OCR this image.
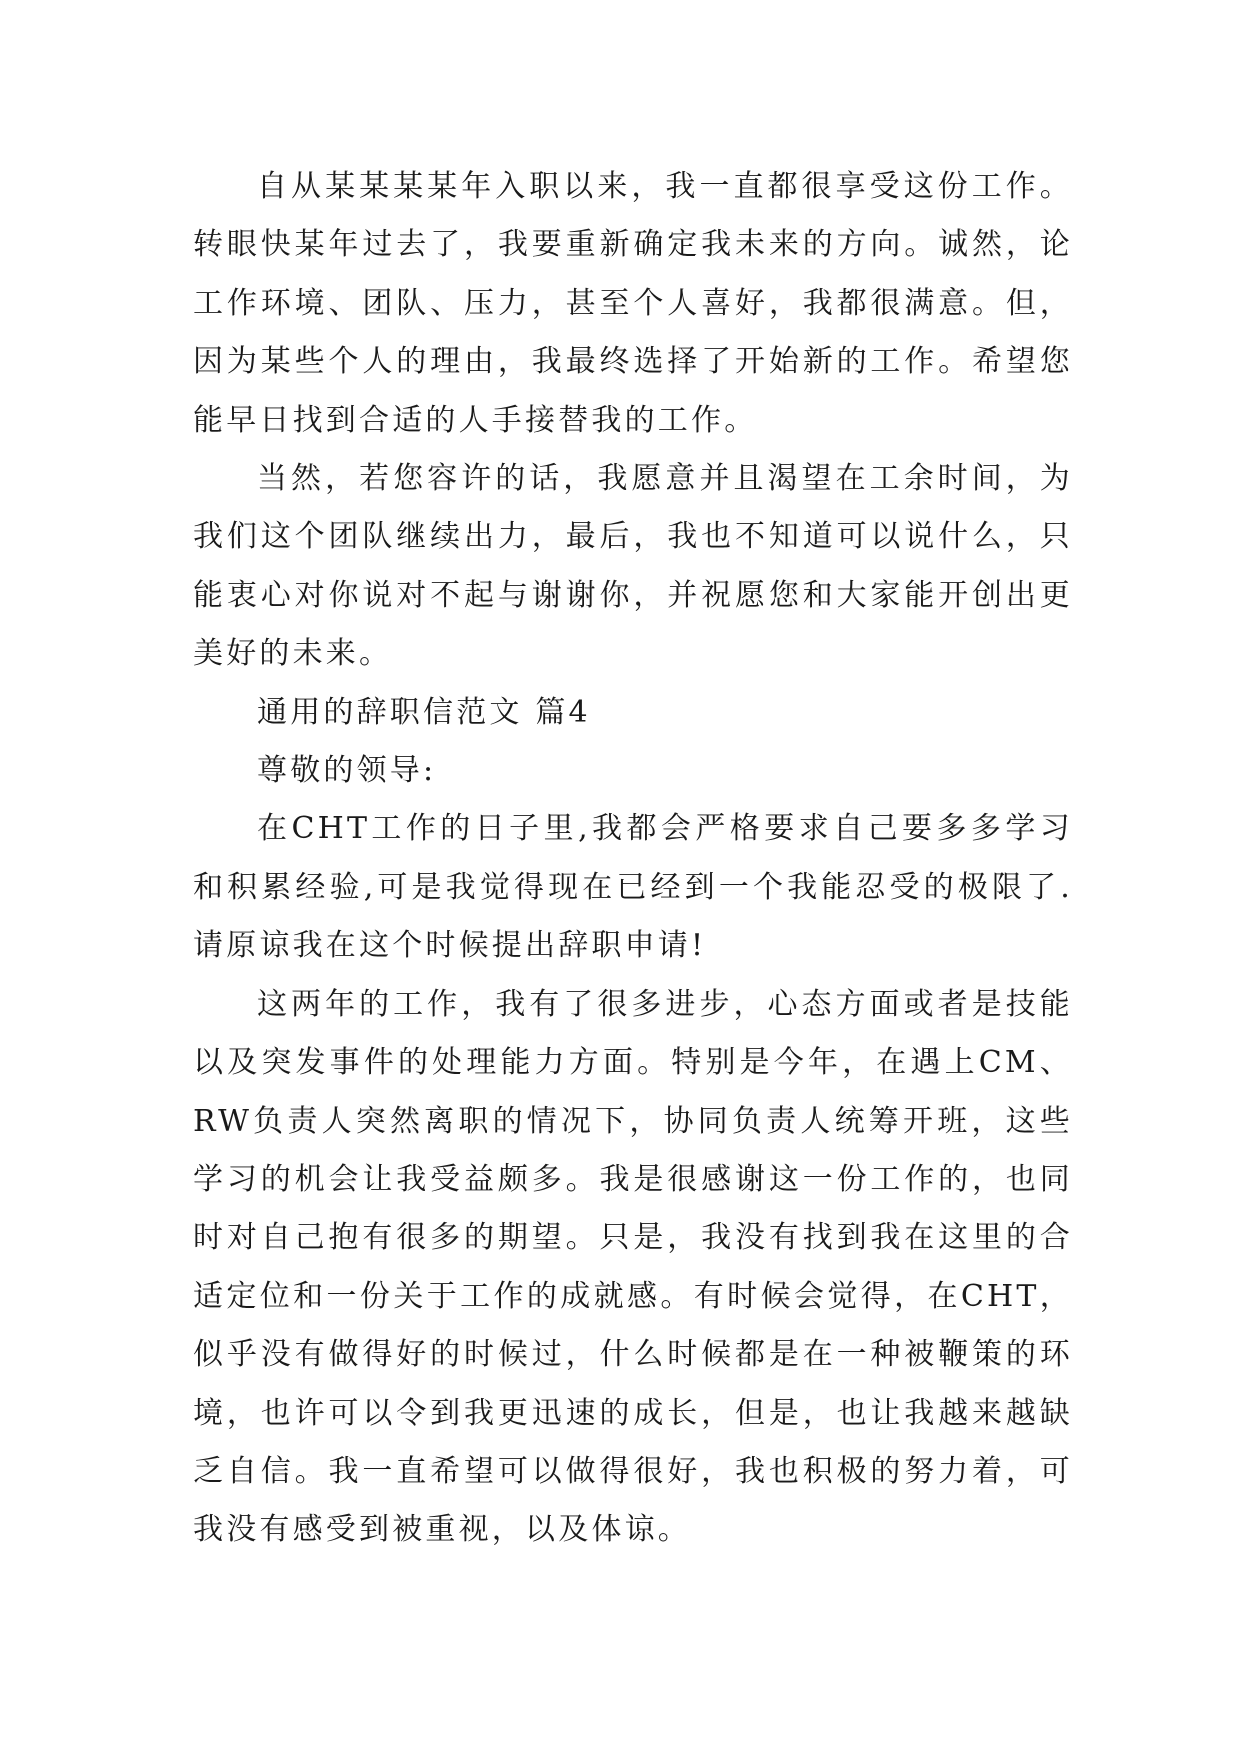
自从某某某某年入职以来，我一直都很享受这份工作。转眼快某年过去了，我要重新确定我未来的方向。诚然，论工作环境、团队、压力，甚至个人喜好，我都很满意。但，因为某些个人的理由，我最终选择了开始新的工作。希望您能早日找到合适的人手接替我的工作。

当然，若您容许的话，我愿意并且渴望在工余时间，为我们这个团队继续出力，最后，我也不知道可以说什么，只能衷心对你说对不起与谢谢你，并祝愿您和大家能开创出更美好的未来。

通用的辞职信范文 篇4

尊敬的领导:

在CHT工作的日子里,我都会严格要求自己要多多学习和积累经验,可是我觉得现在已经到一个我能忍受的极限了.请原谅我在这个时候提出辞职申请!

这两年的工作，我有了很多进步，心态方面或者是技能以及突发事件的处理能力方面。特别是今年，在遇上CM、RW负责人突然离职的情况下，协同负责人统筹开班，这些学习的机会让我受益颇多。我是很感谢这一份工作的，也同时对自己抱有很多的期望。只是，我没有找到我在这里的合适定位和一份关于工作的成就感。有时候会觉得，在CHT，似乎没有做得好的时候过，什么时候都是在一种被鞭策的环境，也许可以令到我更迅速的成长，但是，也让我越来越缺乏自信。我一直希望可以做得很好，我也积极的努力着，可我没有感受到被重视，以及体谅。
